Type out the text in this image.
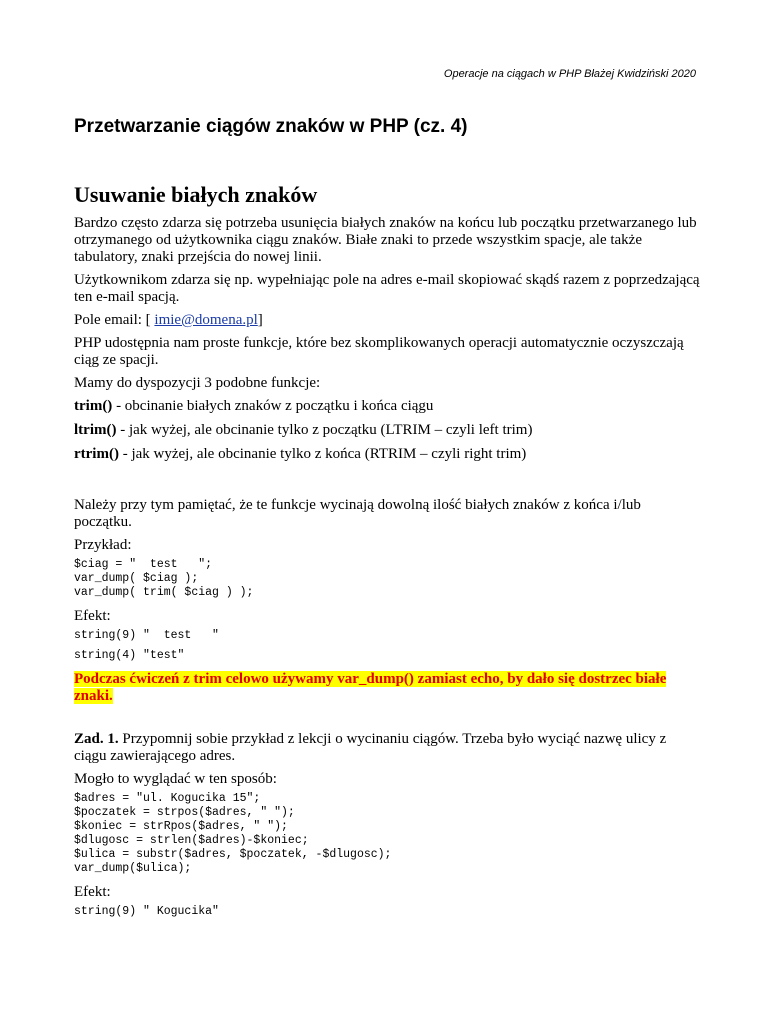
Operacje na ciągach w PHP Błażej Kwidziński 2020
Przetwarzanie ciągów znaków w PHP (cz. 4)
Usuwanie białych znaków

Bardzo często zdarza się potrzeba usunięcia białych znaków na końcu lub początku przetwarzanego lub otrzymanego od użytkownika ciągu znaków. Białe znaki to przede wszystkim spacje, ale także tabulatory, znaki przejścia do nowej linii.

Użytkownikom zdarza się np. wypełniając pole na adres e-mail skopiować skądś razem z poprzedzającą ten e-mail spacją.

Pole email: [ imie@domena.pl]

PHP udostępnia nam proste funkcje, które bez skomplikowanych operacji automatycznie oczyszczają ciąg ze spacji.

Mamy do dyspozycji 3 podobne funkcje:

trim() - obcinanie białych znaków z początku i końca ciągu

ltrim() - jak wyżej, ale obcinanie tylko z początku (LTRIM – czyli left trim)

rtrim() - jak wyżej, ale obcinanie tylko z końca (RTRIM – czyli right trim)

Należy przy tym pamiętać, że te funkcje wycinają dowolną ilość białych znaków z końca i/lub początku.

Przykład:

$ciag = "  test   ";
var_dump( $ciag );
var_dump( trim( $ciag ) );

Efekt:

string(9) "  test   "
string(4) "test"

Podczas ćwiczeń z trim celowo używamy var_dump() zamiast echo, by dało się dostrzec białe znaki.

Zad. 1. Przypomnij sobie przykład z lekcji o wycinaniu ciągów. Trzeba było wyciąć nazwę ulicy z ciągu zawierającego adres.

Mogło to wyglądać w ten sposób:

$adres = "ul. Kogucika 15";
$poczatek = strpos($adres, " ");
$koniec = strRpos($adres, " ");
$dlugosc = strlen($adres)-$koniec;
$ulica = substr($adres, $poczatek, -$dlugosc);
var_dump($ulica);

Efekt:

string(9) " Kogucika"
